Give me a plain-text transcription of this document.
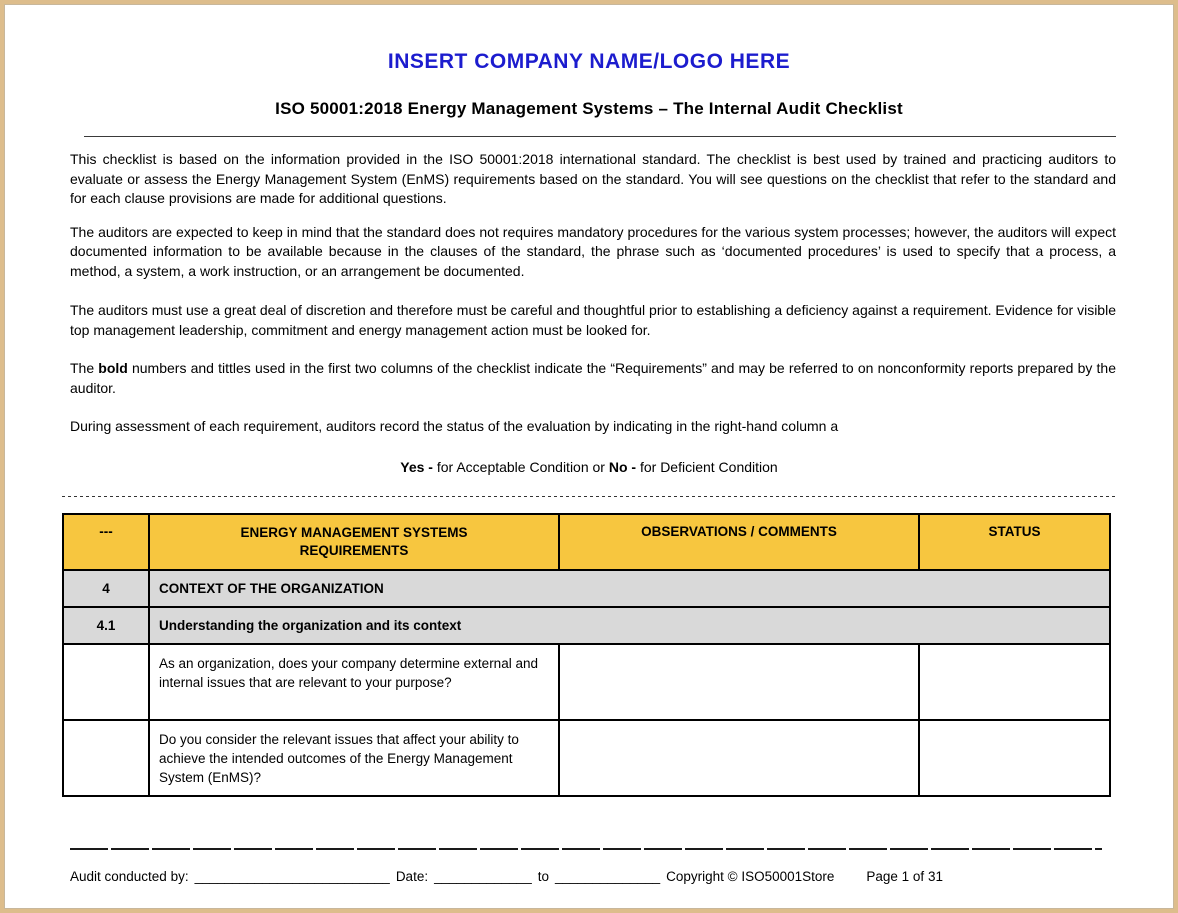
INSERT COMPANY NAME/LOGO HERE
ISO 50001:2018 Energy Management Systems – The Internal Audit Checklist

This checklist is based on the information provided in the ISO 50001:2018 international standard. The checklist is best used by trained and practicing auditors to evaluate or assess the Energy Management System (EnMS) requirements based on the standard. You will see questions on the checklist that refer to the standard and for each clause provisions are made for additional questions.

The auditors are expected to keep in mind that the standard does not requires mandatory procedures for the various system processes; however, the auditors will expect documented information to be available because in the clauses of the standard, the phrase such as ‘documented procedures’ is used to specify that a process, a method, a system, a work instruction, or an arrangement be documented.

The auditors must use a great deal of discretion and therefore must be careful and thoughtful prior to establishing a deficiency against a requirement. Evidence for visible top management leadership, commitment and energy management action must be looked for.

The bold numbers and tittles used in the first two columns of the checklist indicate the “Requirements” and may be referred to on nonconformity reports prepared by the auditor.

During assessment of each requirement, auditors record the status of the evaluation by indicating in the right-hand column a

Yes - for Acceptable Condition or No - for Deficient Condition
---	ENERGY MANAGEMENT SYSTEMS REQUIREMENTS	OBSERVATIONS / COMMENTS	STATUS
4	CONTEXT OF THE ORGANIZATION		
4.1	Understanding the organization and its context		
	As an organization, does your company determine external and internal issues that are relevant to your purpose?		
	Do you consider the relevant issues that affect your ability to achieve the intended outcomes of the Energy Management System (EnMS)?		
Audit conducted by: __________________________ Date: _____________ to ______________ Copyright © ISO50001Store Page 1 of 31
